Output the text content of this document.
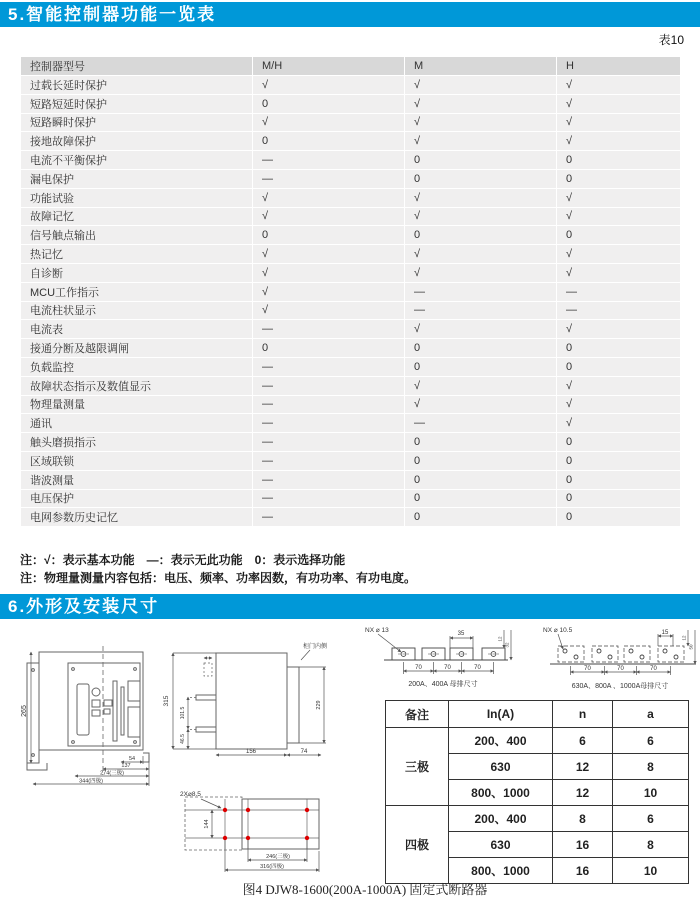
5.智能控制器功能一览表
表10
控制器型号	M/H	M	H
过载长延时保护	√	√	√
短路短延时保护	0	√	√
短路瞬时保护	√	√	√
接地故障保护	0	√	√
电流不平衡保护	—	0	0
漏电保护	—	0	0
功能试验	√	√	√
故障记忆	√	√	√
信号触点输出	0	0	0
热记忆	√	√	√
自诊断	√	√	√
MCU工作指示	√	—	—
电流柱状显示	√	—	—
电流表	—	√	√
接通分断及越限调闸	0	0	0
负载监控	—	0	0
故障状态指示及数值显示	—	√	√
物理量测量	—	√	√
通讯	—	—	√
触头磨损指示	—	0	0
区域联锁	—	0	0
谐波测量	—	0	0
电压保护	—	0	0
电网参数历史记忆	—	0	0
注：√：表示基本功能　—：表示无此功能　0：表示选择功能
注：物理量测量内容包括：电压、频率、功率因数，有功功率、有功电度。
6.外形及安装尺寸
265
54
137
274(三极)
344(四极)
315
101.5
46.5
156	74
229
柜门内侧
2X⌀8.5
144
246(三极)
316(四极)
NX ⌀ 13	35
12
32
70	70	70
200A、400A 母排尺寸
NX ⌀ 10.5	15
12
50
70	70	70
630A、800A 、1000A母排尺寸
备注	In(A)	n	a
三极	200、400	6	6
	630	12	8
	800、1000	12	10
四极	200、400	8	6
	630	16	8
	800、1000	16	10
图4 DJW8-1600(200A-1000A) 固定式断路器
